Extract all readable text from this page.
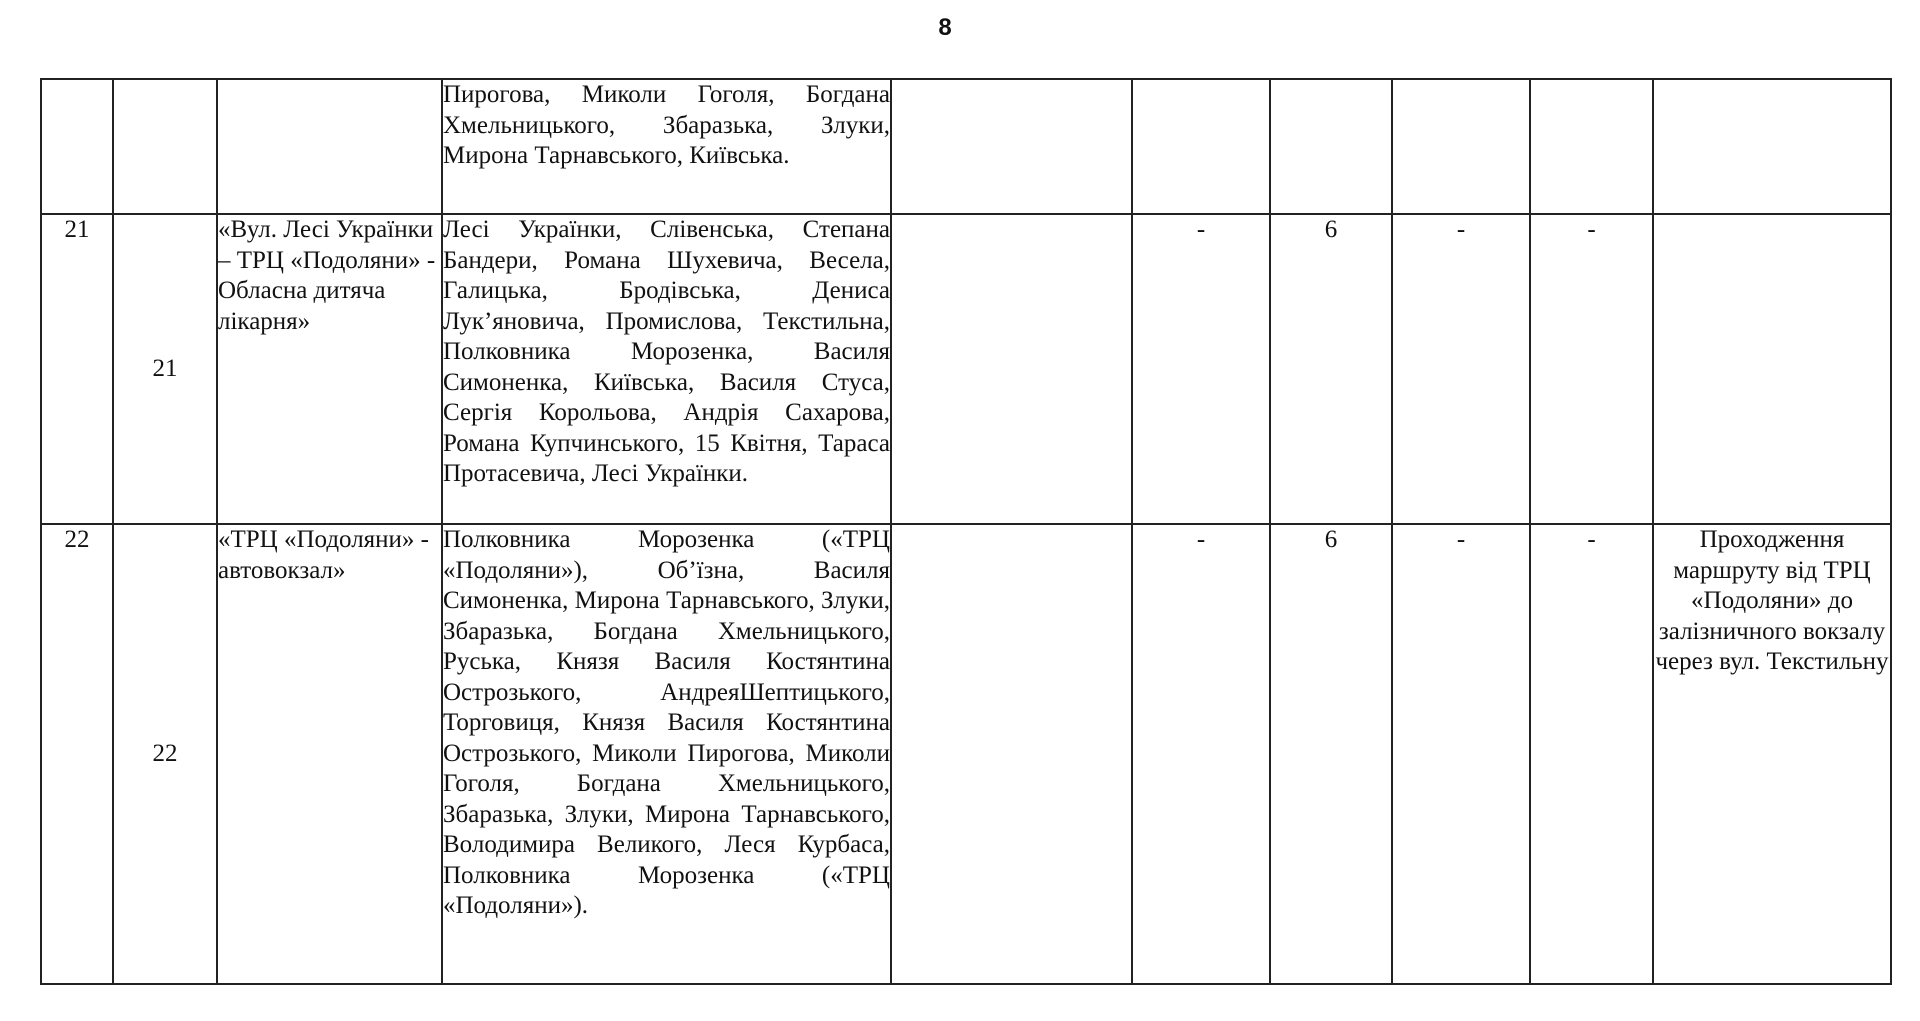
8
			Пирогова, Миколи Гоголя, Богдана Хмельницького, Збаразька, Злуки, Мирона Тарнавського, Київська.						
21	21	«Вул. Лесі Українки – ТРЦ «Подоляни» - Обласна дитяча лікарня»	Лесі Українки, Слівенська, Степана Бандери, Романа Шухевича, Весела, Галицька, Бродівська, Дениса Лук’яновича, Промислова, Текстильна, Полковника Морозенка, Василя Симоненка, Київська, Василя Стуса, Сергія Корольова, Андрія Сахарова, Романа Купчинського, 15 Квітня, Тараса Протасевича, Лесі Українки.		-	6	-	-	
22	22	«ТРЦ «Подоляни» - автовокзал»	Полковника Морозенка («ТРЦ «Подоляни»), Об’їзна, Василя Симоненка, Мирона Тарнавського, Злуки, Збаразька, Богдана Хмельницького, Руська, Князя Василя Костянтина Острозького, АндреяШептицького, Торговиця, Князя Василя Костянтина Острозького, Миколи Пирогова, Миколи Гоголя, Богдана Хмельницького, Збаразька, Злуки, Мирона Тарнавського, Володимира Великого, Леся Курбаса, Полковника Морозенка («ТРЦ «Подоляни»).		-	6	-	-	Проходження маршруту від ТРЦ «Подоляни» до залізничного вокзалу через вул. Текстильну
